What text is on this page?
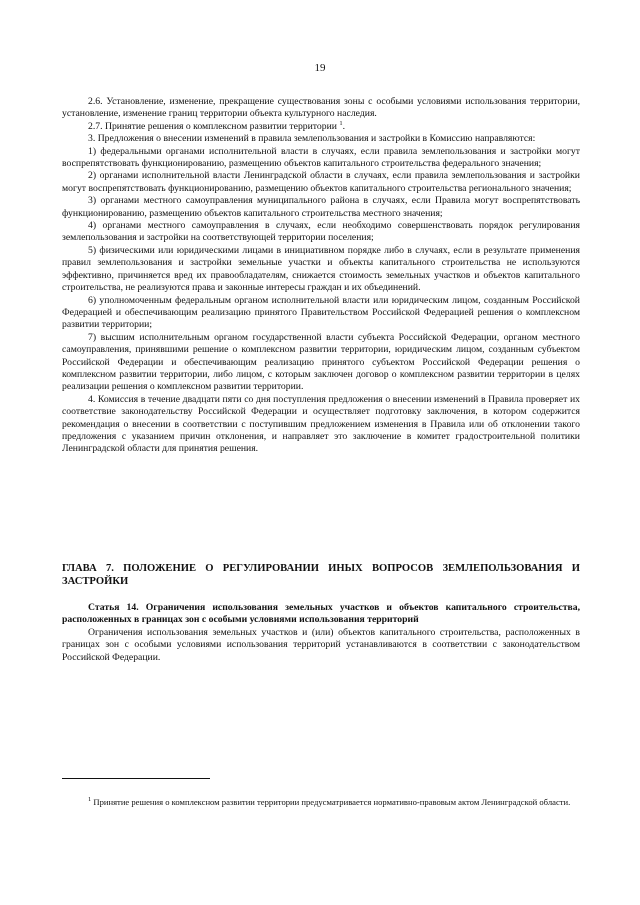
19

2.6. Установление, изменение, прекращение существования зоны с особыми условиями использования территории, установление, изменение границ территории объекта культурного наследия.

2.7. Принятие решения о комплексном развитии территории $^1$.

3. Предложения о внесении изменений в правила землепользования и застройки в Комиссию направляются:

1) федеральными органами исполнительной власти в случаях, если правила землепользования и застройки могут воспрепятствовать функционированию, размещению объектов капитального строительства федерального значения;

2) органами исполнительной власти Ленинградской области в случаях, если правила землепользования и застройки могут воспрепятствовать функционированию, размещению объектов капитального строительства регионального значения;

3) органами местного самоуправления муниципального района в случаях, если Правила могут воспрепятствовать функционированию, размещению объектов капитального строительства местного значения;

4) органами местного самоуправления в случаях, если необходимо совершенствовать порядок регулирования землепользования и застройки на соответствующей территории поселения;

5) физическими или юридическими лицами в инициативном порядке либо в случаях, если в результате применения правил землепользования и застройки земельные участки и объекты капитального строительства не используются эффективно, причиняется вред их правообладателям, снижается стоимость земельных участков и объектов капитального строительства, не реализуются права и законные интересы граждан и их объединений.

6) уполномоченным федеральным органом исполнительной власти или юридическим лицом, созданным Российской Федерацией и обеспечивающим реализацию принятого Правительством Российской Федерацией решения о комплексном развитии территории;

7) высшим исполнительным органом государственной власти субъекта Российской Федерации, органом местного самоуправления, принявшими решение о комплексном развитии территории, юридическим лицом, созданным субъектом Российской Федерации и обеспечивающим реализацию принятого субъектом Российской Федерации решения о комплексном развитии территории, либо лицом, с которым заключен договор о комплексном развитии территории в целях реализации решения о комплексном развитии территории.

4. Комиссия в течение двадцати пяти со дня поступления предложения о внесении изменений в Правила проверяет их соответствие законодательству Российской Федерации и осуществляет подготовку заключения, в котором содержится рекомендация о внесении в соответствии с поступившим предложением изменения в Правила или об отклонении такого предложения с указанием причин отклонения, и направляет это заключение в комитет градостроительной политики Ленинградской области для принятия решения.

ГЛАВА 7. ПОЛОЖЕНИЕ О РЕГУЛИРОВАНИИ ИНЫХ ВОПРОСОВ ЗЕМЛЕПОЛЬЗОВАНИЯ И ЗАСТРОЙКИ

Статья 14. Ограничения использования земельных участков и объектов капитального строительства, расположенных в границах зон с особыми условиями использования территорий

Ограничения использования земельных участков и (или) объектов капитального строительства, расположенных в границах зон с особыми условиями использования территорий устанавливаются в соответствии с законодательством Российской Федерации.

$^1$ Принятие решения о комплексном развитии территории предусматривается нормативно-правовым актом Ленинградской области.
